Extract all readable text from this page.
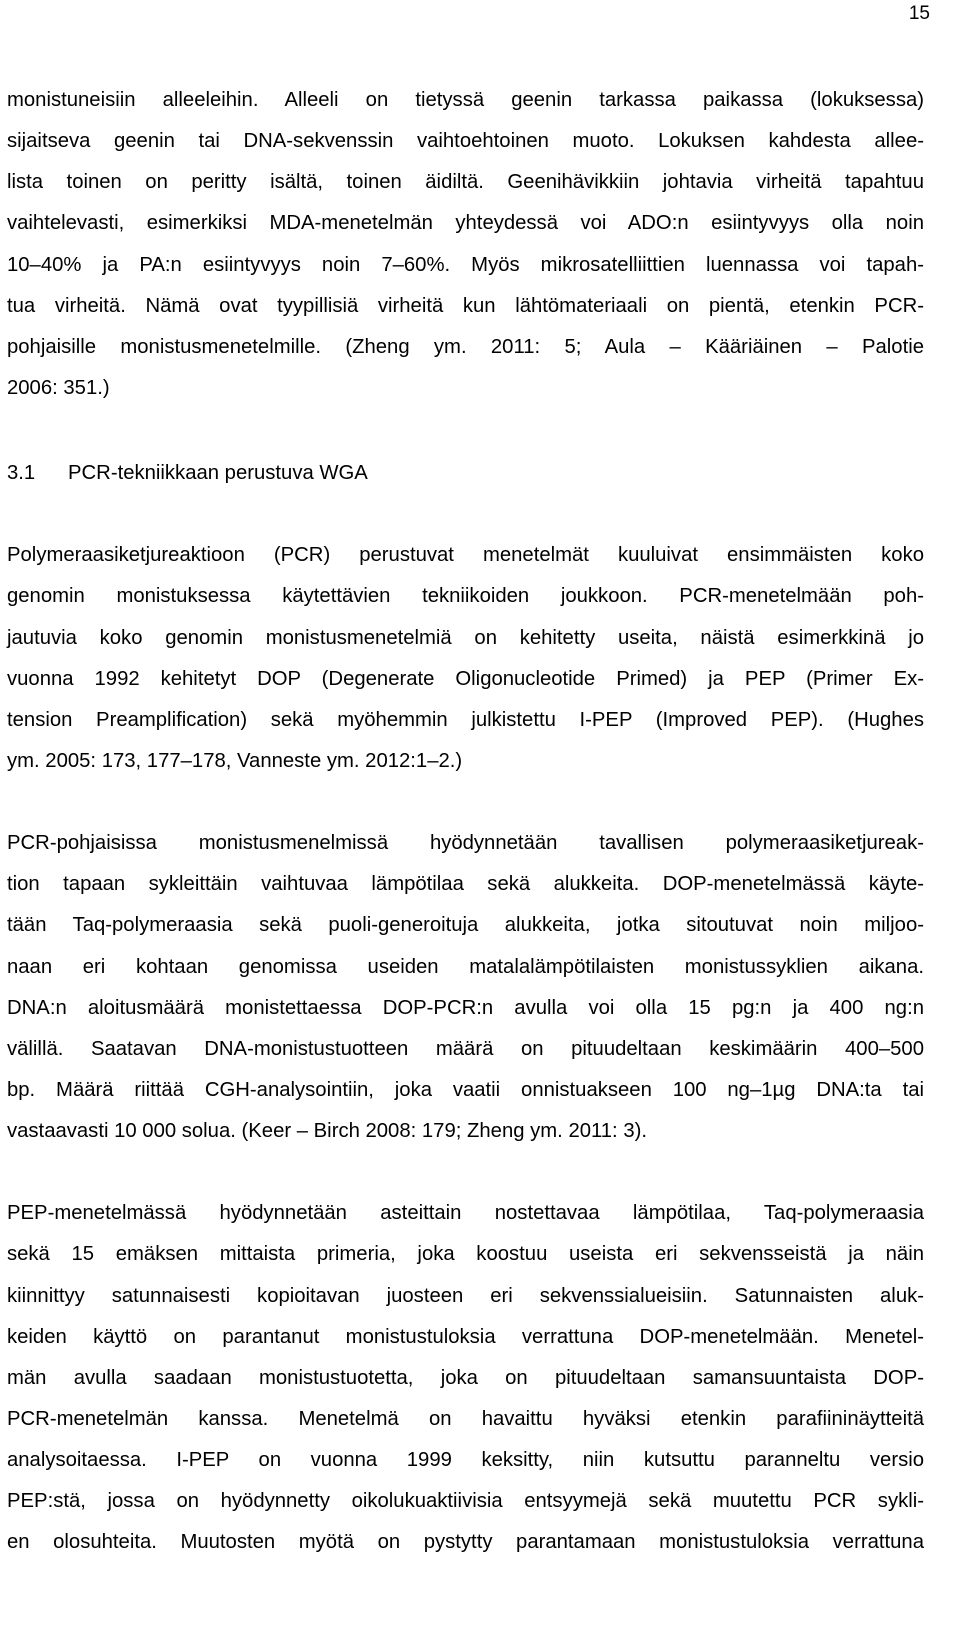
15
monistuneisiin alleeleihin. Alleeli on tietyssä geenin tarkassa paikassa (lokuksessa)
sijaitseva geenin tai DNA-sekvenssin vaihtoehtoinen muoto. Lokuksen kahdesta allee-
lista toinen on peritty isältä, toinen äidiltä. Geenihävikkiin johtavia virheitä tapahtuu
vaihtelevasti, esimerkiksi MDA-menetelmän yhteydessä voi ADO:n esiintyvyys olla noin
10–40% ja PA:n esiintyvyys noin 7–60%. Myös mikrosatelliittien luennassa voi tapah-
tua virheitä. Nämä ovat tyypillisiä virheitä kun lähtömateriaali on pientä, etenkin PCR-
pohjaisille monistusmenetelmille. (Zheng ym. 2011: 5; Aula – Kääriäinen – Palotie
2006: 351.)
3.1 PCR-tekniikkaan perustuva WGA
Polymeraasiketjureaktioon (PCR) perustuvat menetelmät kuuluivat ensimmäisten koko
genomin monistuksessa käytettävien tekniikoiden joukkoon. PCR-menetelmään poh-
jautuvia koko genomin monistusmenetelmiä on kehitetty useita, näistä esimerkkinä jo
vuonna 1992 kehitetyt DOP (Degenerate Oligonucleotide Primed) ja PEP (Primer Ex-
tension Preamplification) sekä myöhemmin julkistettu I-PEP (Improved PEP). (Hughes
ym. 2005: 173, 177–178, Vanneste ym. 2012:1–2.)
PCR-pohjaisissa monistusmenelmissä hyödynnetään tavallisen polymeraasiketjureak-
tion tapaan sykleittäin vaihtuvaa lämpötilaa sekä alukkeita. DOP-menetelmässä käyte-
tään Taq-polymeraasia sekä puoli-generoituja alukkeita, jotka sitoutuvat noin miljoo-
naan eri kohtaan genomissa useiden matalalämpötilaisten monistussyklien aikana.
DNA:n aloitusmäärä monistettaessa DOP-PCR:n avulla voi olla 15 pg:n ja 400 ng:n
välillä. Saatavan DNA-monistustuotteen määrä on pituudeltaan keskimäärin 400–500
bp. Määrä riittää CGH-analysointiin, joka vaatii onnistuakseen 100 ng–1µg DNA:ta tai
vastaavasti 10 000 solua. (Keer – Birch 2008: 179; Zheng ym. 2011: 3).
PEP-menetelmässä hyödynnetään asteittain nostettavaa lämpötilaa, Taq-polymeraasia
sekä 15 emäksen mittaista primeria, joka koostuu useista eri sekvensseistä ja näin
kiinnittyy satunnaisesti kopioitavan juosteen eri sekvenssialueisiin. Satunnaisten aluk-
keiden käyttö on parantanut monistustuloksia verrattuna DOP-menetelmään. Menetel-
män avulla saadaan monistustuotetta, joka on pituudeltaan samansuuntaista DOP-
PCR-menetelmän kanssa. Menetelmä on havaittu hyväksi etenkin parafiininäytteitä
analysoitaessa. I-PEP on vuonna 1999 keksitty, niin kutsuttu paranneltu versio
PEP:stä, jossa on hyödynnetty oikolukuaktiivisia entsyymejä sekä muutettu PCR sykli-
en olosuhteita. Muutosten myötä on pystytty parantamaan monistustuloksia verrattuna
